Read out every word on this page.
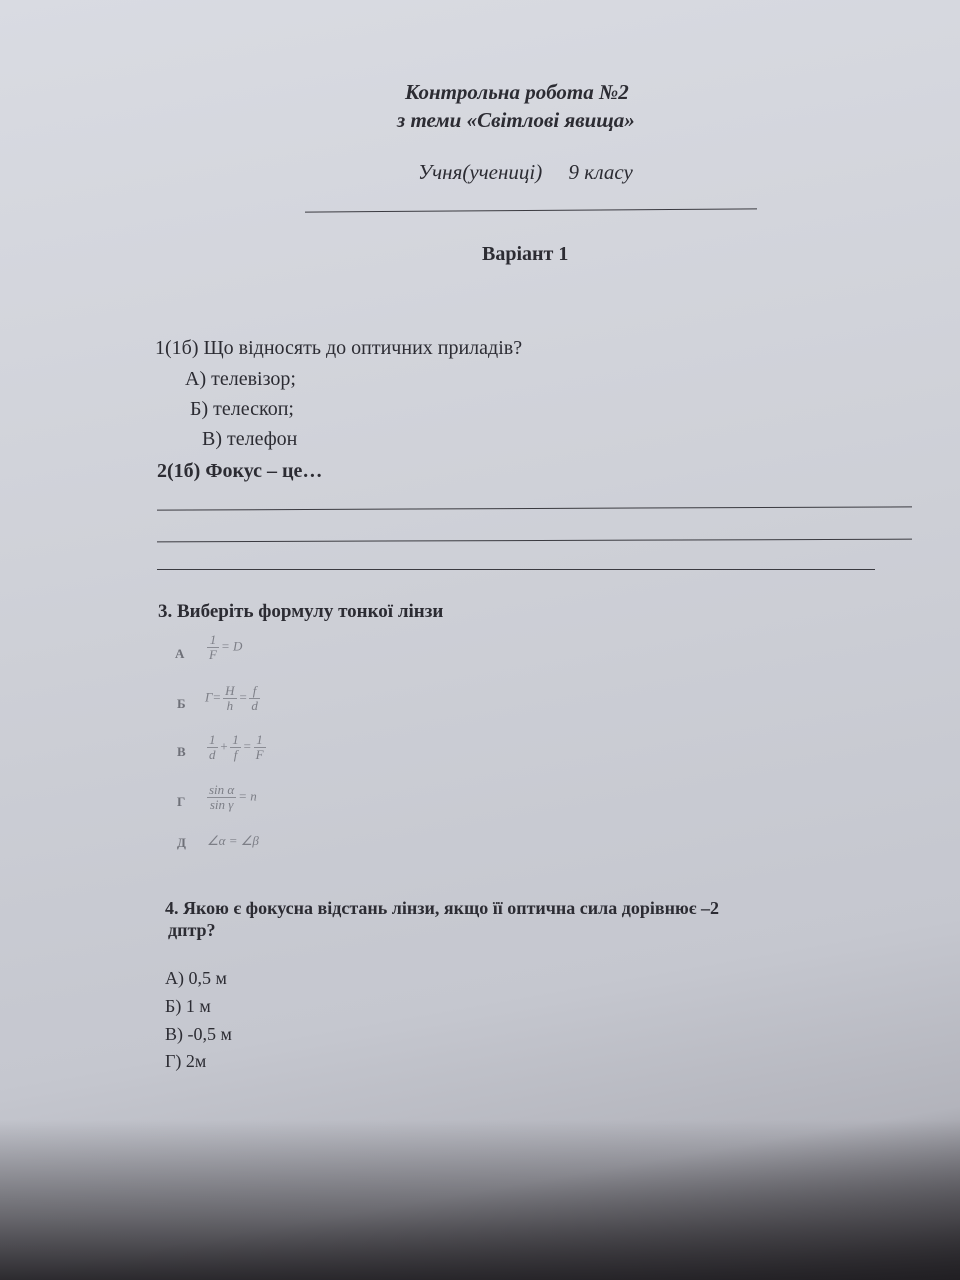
Контрольна робота №2
з теми «Світлові явища»
Учня(учениці)     9 класу
Варіант 1
1(1б) Що відносять до оптичних приладів?
А) телевізор;
Б) телескоп;
В) телефон
2(1б) Фокус – це…
3. Виберіть формулу тонкої лінзи
А $\frac{1}{F} = D$
Б $\Gamma= \frac{H}{h} = \frac{f}{d}$
В $\frac{1}{d} + \frac{1}{f} = \frac{1}{F}$
Г $\frac{\text{sin α}}{\text{sin γ}} = n$
Д ∠α = ∠β
4. Якою є фокусна відстань лінзи, якщо її оптична сила дорівнює –2
дптр?
А) 0,5 м
Б) 1 м
В) -0,5 м
Г) 2м
